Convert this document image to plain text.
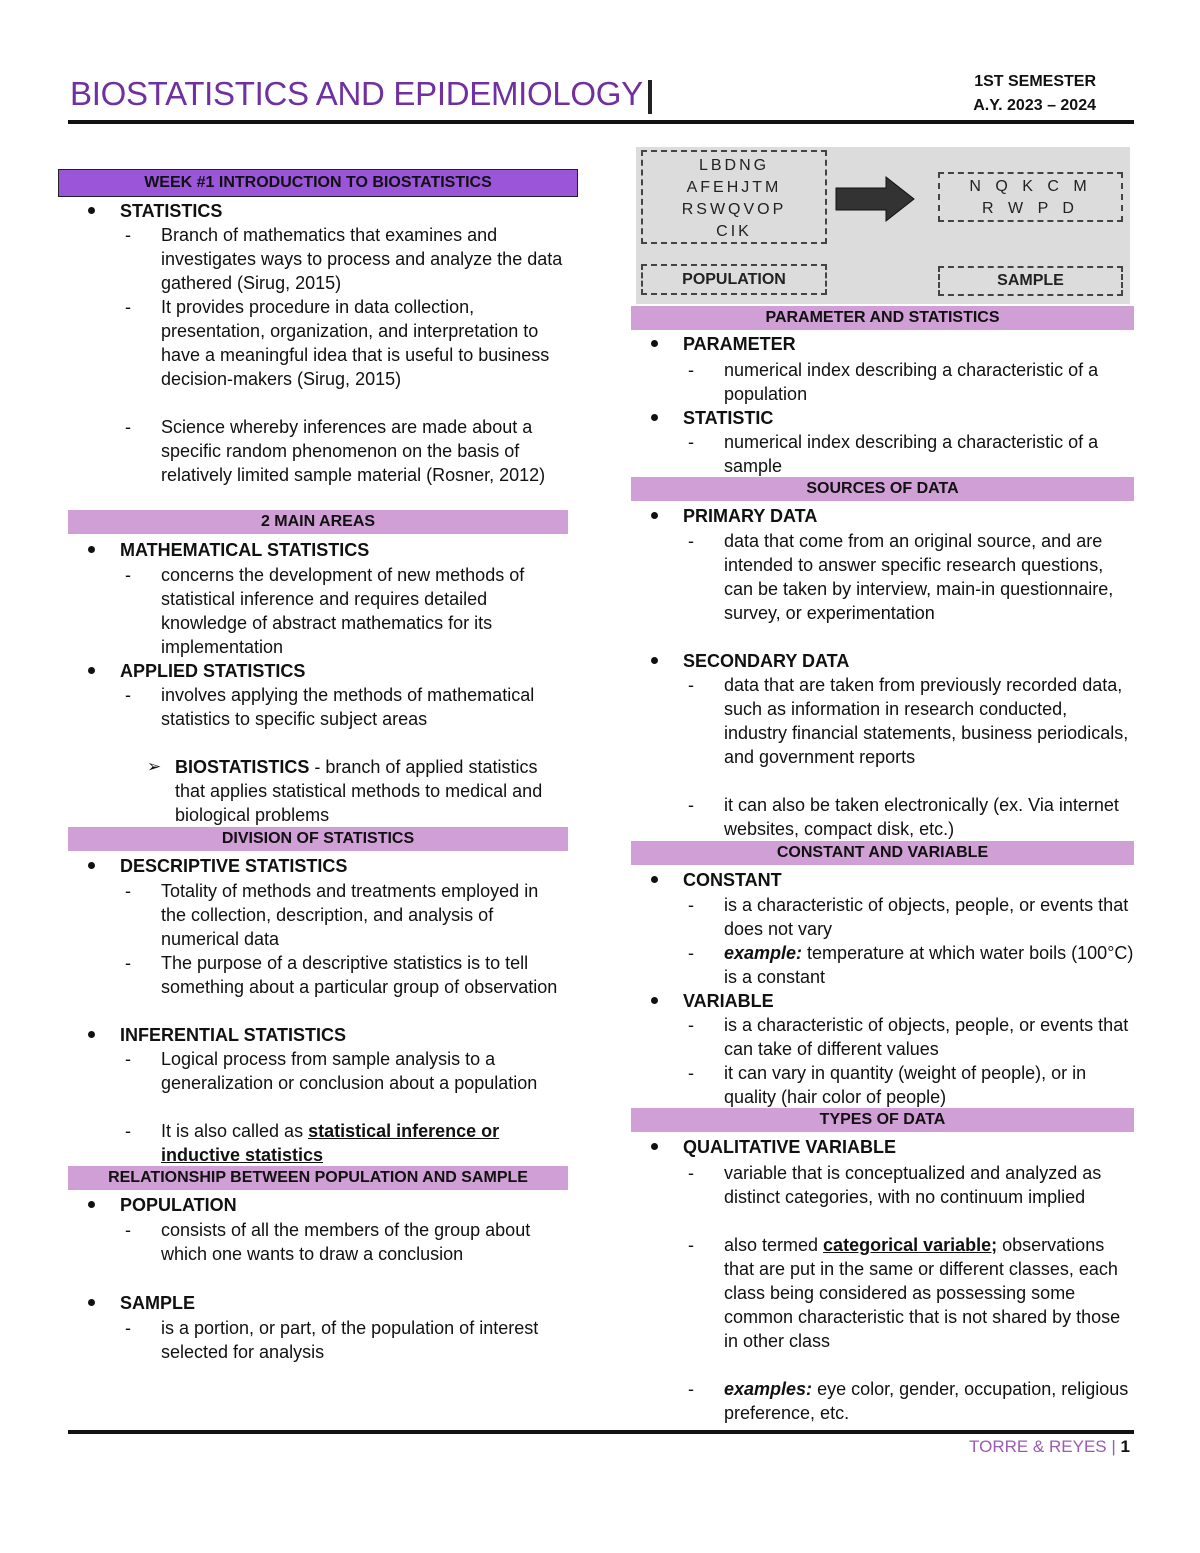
BIOSTATISTICS AND EPIDEMIOLOGY	1ST SEMESTER
A.Y. 2023 – 2024
WEEK #1 INTRODUCTION TO BIOSTATISTICS
STATISTICS
- Branch of mathematics that examines and investigates ways to process and analyze the data gathered (Sirug, 2015)
- It provides procedure in data collection, presentation, organization, and interpretation to have a meaningful idea that is useful to business decision-makers (Sirug, 2015)
- Science whereby inferences are made about a specific random phenomenon on the basis of relatively limited sample material (Rosner, 2012)
2 MAIN AREAS
MATHEMATICAL STATISTICS
- concerns the development of new methods of statistical inference and requires detailed knowledge of abstract mathematics for its implementation
APPLIED STATISTICS
- involves applying the methods of mathematical statistics to specific subject areas
➢ BIOSTATISTICS - branch of applied statistics that applies statistical methods to medical and biological problems
DIVISION OF STATISTICS
DESCRIPTIVE STATISTICS
- Totality of methods and treatments employed in the collection, description, and analysis of numerical data
- The purpose of a descriptive statistics is to tell something about a particular group of observation
INFERENTIAL STATISTICS
- Logical process from sample analysis to a generalization or conclusion about a population
- It is also called as statistical inference or inductive statistics
RELATIONSHIP BETWEEN POPULATION AND SAMPLE
POPULATION
- consists of all the members of the group about which one wants to draw a conclusion
SAMPLE
- is a portion, or part, of the population of interest selected for analysis
LBDNG
AFEHJTM
RSWQVOP
CIK
N Q K C M
R W P D
POPULATION	SAMPLE
PARAMETER AND STATISTICS
PARAMETER
- numerical index describing a characteristic of a population
STATISTIC
- numerical index describing a characteristic of a sample
SOURCES OF DATA
PRIMARY DATA
- data that come from an original source, and are intended to answer specific research questions, can be taken by interview, main-in questionnaire, survey, or experimentation
SECONDARY DATA
- data that are taken from previously recorded data, such as information in research conducted, industry financial statements, business periodicals, and government reports
- it can also be taken electronically (ex. Via internet websites, compact disk, etc.)
CONSTANT AND VARIABLE
CONSTANT
- is a characteristic of objects, people, or events that does not vary
- example: temperature at which water boils (100°C) is a constant
VARIABLE
- is a characteristic of objects, people, or events that can take of different values
- it can vary in quantity (weight of people), or in quality (hair color of people)
TYPES OF DATA
QUALITATIVE VARIABLE
- variable that is conceptualized and analyzed as distinct categories, with no continuum implied
- also termed categorical variable; observations that are put in the same or different classes, each class being considered as possessing some common characteristic that is not shared by those in other class
- examples: eye color, gender, occupation, religious preference, etc.
TORRE & REYES | 1
